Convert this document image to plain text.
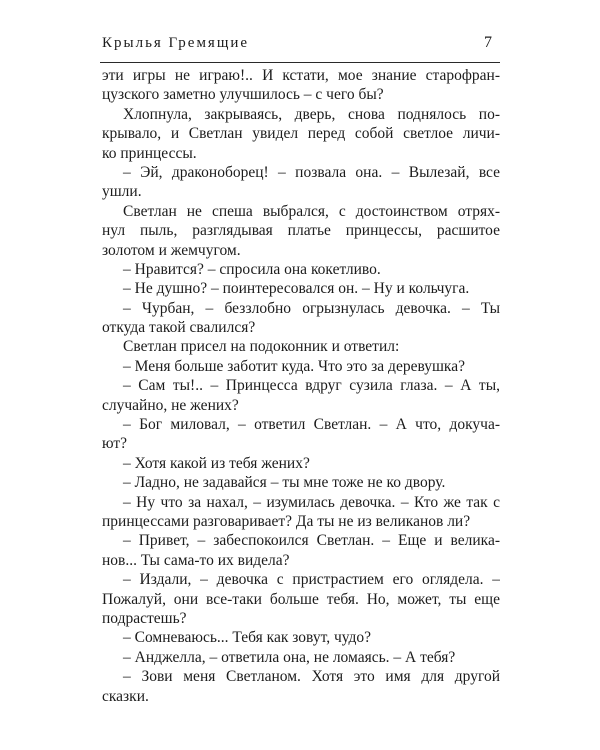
Крылья Гремящие	7
эти игры не играю!.. И кстати, мое знание старофран-
цузского заметно улучшилось – с чего бы?
Хлопнула, закрываясь, дверь, снова поднялось по-
крывало, и Светлан увидел перед собой светлое личи-
ко принцессы.
– Эй, драконоборец! – позвала она. – Вылезай, все
ушли.
Светлан не спеша выбрался, с достоинством отрях-
нул пыль, разглядывая платье принцессы, расшитое
золотом и жемчугом.
– Нравится? – спросила она кокетливо.
– Не душно? – поинтересовался он. – Ну и кольчуга.
– Чурбан, – беззлобно огрызнулась девочка. – Ты
откуда такой свалился?
Светлан присел на подоконник и ответил:
– Меня больше заботит куда. Что это за деревушка?
– Сам ты!.. – Принцесса вдруг сузила глаза. – А ты,
случайно, не жених?
– Бог миловал, – ответил Светлан. – А что, докуча-
ют?
– Хотя какой из тебя жених?
– Ладно, не задавайся – ты мне тоже не ко двору.
– Ну что за нахал, – изумилась девочка. – Кто же так с
принцессами разговаривает? Да ты не из великанов ли?
– Привет, – забеспокоился Светлан. – Еще и велика-
нов... Ты сама-то их видела?
– Издали, – девочка с пристрастием его оглядела. –
Пожалуй, они все-таки больше тебя. Но, может, ты еще
подрастешь?
– Сомневаюсь... Тебя как зовут, чудо?
– Анджелла, – ответила она, не ломаясь. – А тебя?
– Зови меня Светланом. Хотя это имя для другой
сказки.
